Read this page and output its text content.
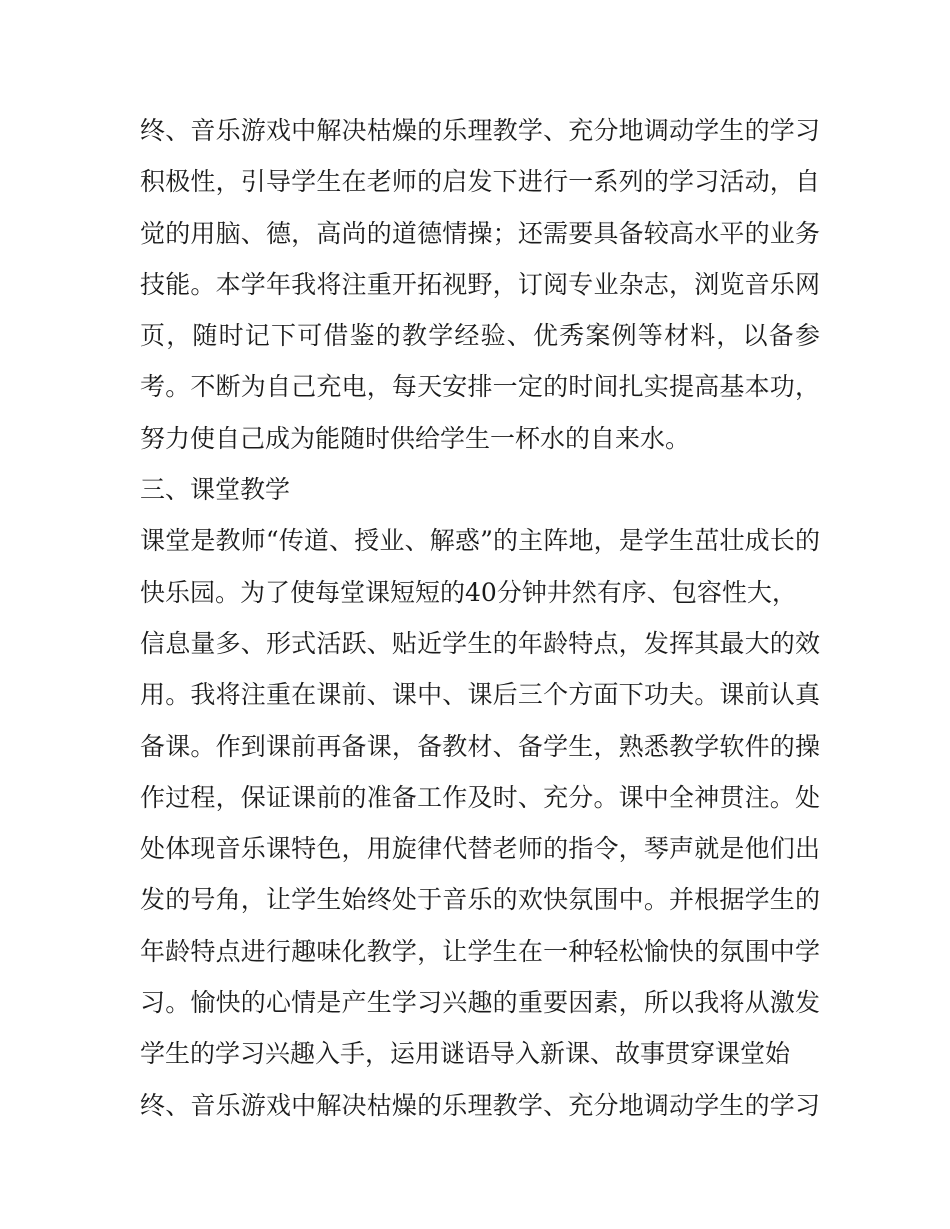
终、音乐游戏中解决枯燥的乐理教学、充分地调动学生的学习
积极性，引导学生在老师的启发下进行一系列的学习活动，自
觉的用脑、德，高尚的道德情操；还需要具备较高水平的业务
技能。本学年我将注重开拓视野，订阅专业杂志，浏览音乐网
页，随时记下可借鉴的教学经验、优秀案例等材料，以备参
考。不断为自己充电，每天安排一定的时间扎实提高基本功，
努力使自己成为能随时供给学生一杯水的自来水。
三、课堂教学
课堂是教师“传道、授业、解惑”的主阵地，是学生茁壮成长的
快乐园。为了使每堂课短短的40分钟井然有序、包容性大，
信息量多、形式活跃、贴近学生的年龄特点，发挥其最大的效
用。我将注重在课前、课中、课后三个方面下功夫。课前认真
备课。作到课前再备课，备教材、备学生，熟悉教学软件的操
作过程，保证课前的准备工作及时、充分。课中全神贯注。处
处体现音乐课特色，用旋律代替老师的指令，琴声就是他们出
发的号角，让学生始终处于音乐的欢快氛围中。并根据学生的
年龄特点进行趣味化教学，让学生在一种轻松愉快的氛围中学
习。愉快的心情是产生学习兴趣的重要因素，所以我将从激发
学生的学习兴趣入手，运用谜语导入新课、故事贯穿课堂始
终、音乐游戏中解决枯燥的乐理教学、充分地调动学生的学习
